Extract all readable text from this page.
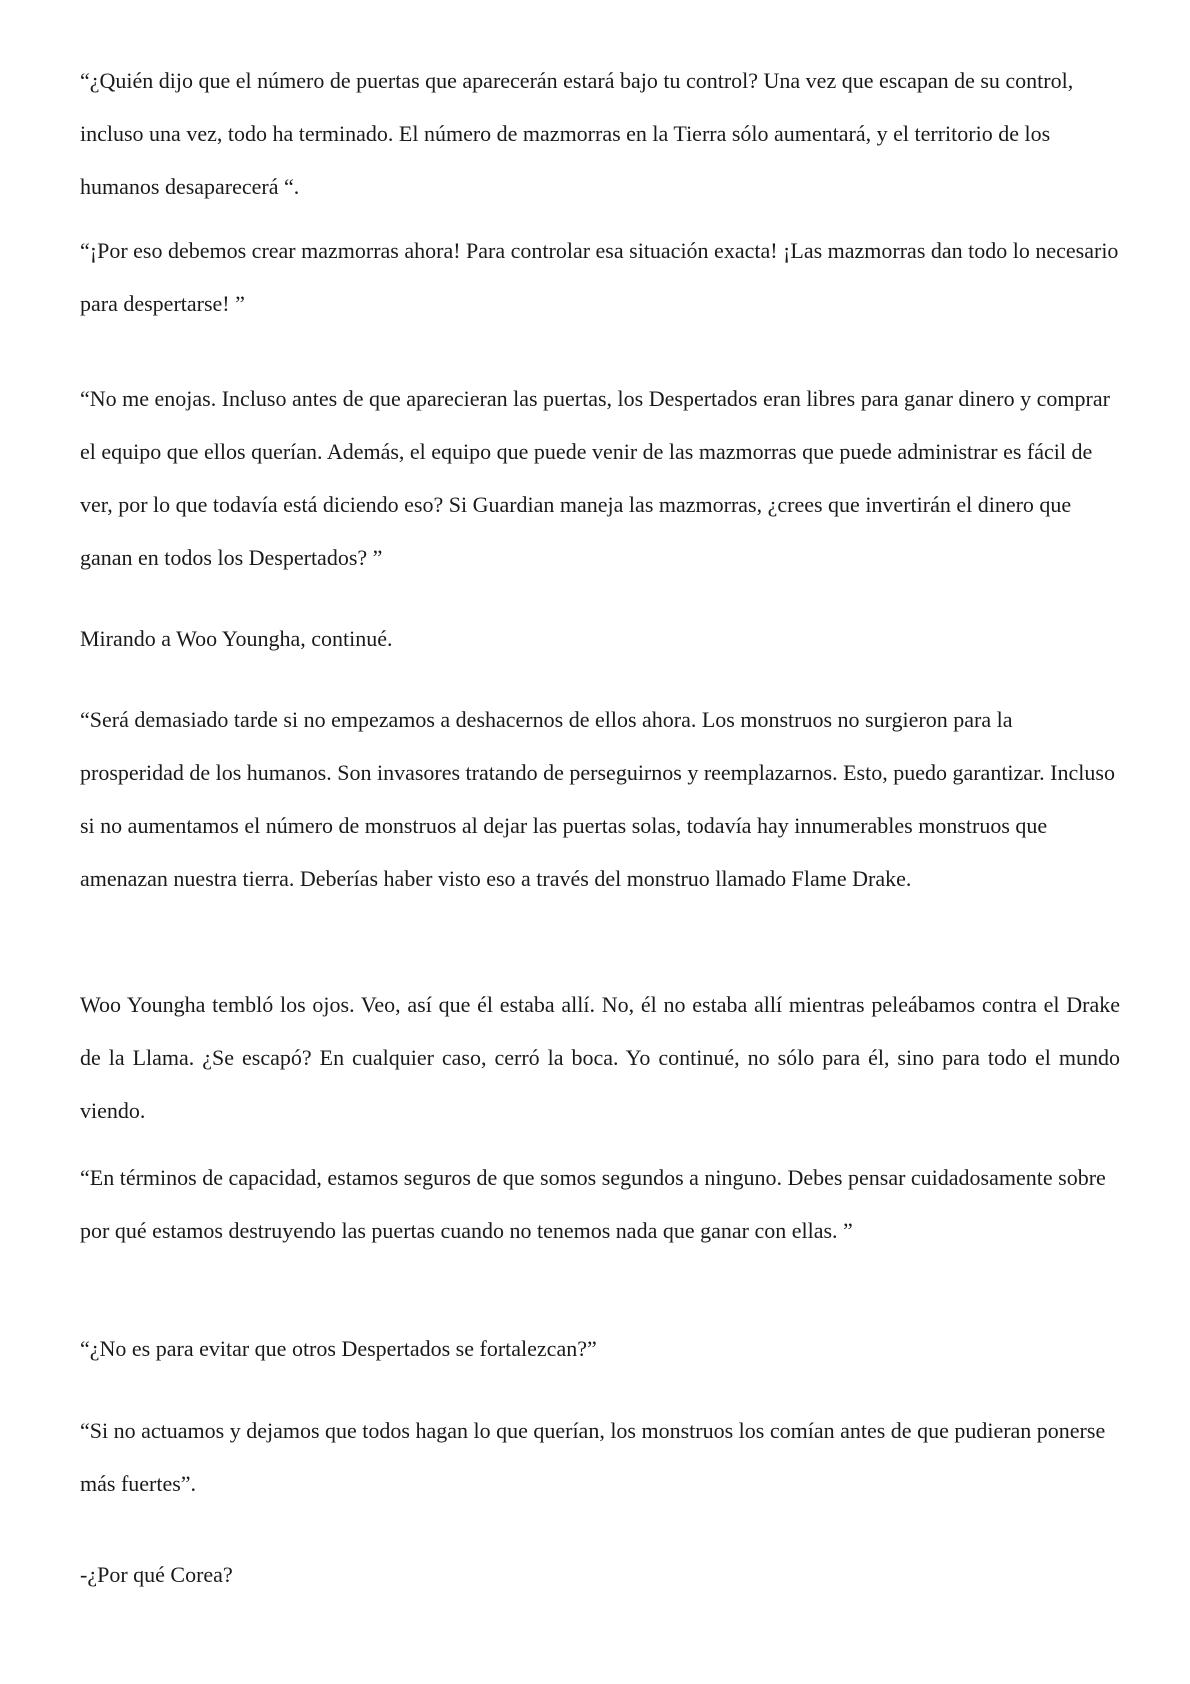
“¿Quién dijo que el número de puertas que aparecerán estará bajo tu control? Una vez que escapan de su control, incluso una vez, todo ha terminado. El número de mazmorras en la Tierra sólo aumentará, y el territorio de los humanos desaparecerá “.

“¡Por eso debemos crear mazmorras ahora! Para controlar esa situación exacta! ¡Las mazmorras dan todo lo necesario para despertarse! ”

“No me enojas. Incluso antes de que aparecieran las puertas, los Despertados eran libres para ganar dinero y comprar el equipo que ellos querían. Además, el equipo que puede venir de las mazmorras que puede administrar es fácil de ver, por lo que todavía está diciendo eso? Si Guardian maneja las mazmorras, ¿crees que invertirán el dinero que ganan en todos los Despertados? ”

Mirando a Woo Youngha, continué.

“Será demasiado tarde si no empezamos a deshacernos de ellos ahora. Los monstruos no surgieron para la prosperidad de los humanos. Son invasores tratando de perseguirnos y reemplazarnos. Esto, puedo garantizar. Incluso si no aumentamos el número de monstruos al dejar las puertas solas, todavía hay innumerables monstruos que amenazan nuestra tierra. Deberías haber visto eso a través del monstruo llamado Flame Drake.

Woo Youngha tembló los ojos. Veo, así que él estaba allí. No, él no estaba allí mientras peleábamos contra el Drake de la Llama. ¿Se escapó? En cualquier caso, cerró la boca. Yo continué, no sólo para él, sino para todo el mundo viendo.

“En términos de capacidad, estamos seguros de que somos segundos a ninguno. Debes pensar cuidadosamente sobre por qué estamos destruyendo las puertas cuando no tenemos nada que ganar con ellas. ”

“¿No es para evitar que otros Despertados se fortalezcan?”

“Si no actuamos y dejamos que todos hagan lo que querían, los monstruos los comían antes de que pudieran ponerse más fuertes”.

-¿Por qué Corea?
